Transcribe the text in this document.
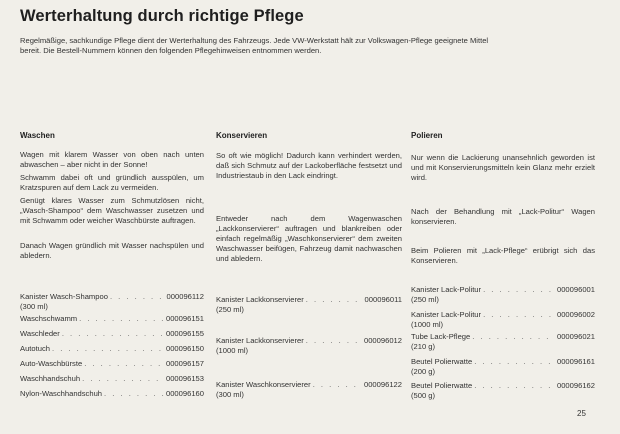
Werterhaltung durch richtige Pflege

Regelmäßige, sachkundige Pflege dient der Werterhaltung des Fahrzeugs. Jede VW-Werkstatt hält zur Volkswagen-Pflege geeignete Mittel

bereit. Die Bestell-Nummern können den folgenden Pflegehinweisen entnommen werden.

Waschen

Wagen mit klarem Wasser von oben nach unten abwaschen – aber nicht in der Sonne!

Schwamm dabei oft und gründlich ausspülen, um Kratzspuren auf dem Lack zu vermeiden.

Genügt klares Wasser zum Schmutzlösen nicht, „Wasch-Shampoo“ dem Waschwasser zusetzen und mit Schwamm oder weicher Waschbürste auftragen.

Danach Wagen gründlich mit Wasser nachspülen und abledern.

Kanister Wasch-Shampoo . . .	000096112
(300 ml)
Waschschwamm . . .	000096151
Waschleder . . .	000096155
Autotuch . . .	000096150
Auto-Waschbürste . . .	000096157
Waschhandschuh . . .	000096153
Nylon-Waschhandschuh . . .	000096160
Konservieren

So oft wie möglich! Dadurch kann verhindert werden, daß sich Schmutz auf der Lackoberfläche festsetzt und Industriestaub in den Lack eindringt.

Entweder nach dem Wagenwaschen „Lackkonservierer“ auftragen und blankreiben oder einfach regelmäßig „Waschkonservierer“ dem zweiten Waschwasser beifügen, Fahrzeug damit nachwaschen und abledern.

Kanister Lackkonservierer . . .	000096011
(250 ml)
Kanister Lackkonservierer . . .	000096012
(1000 ml)
Kanister Waschkonservierer . . .	000096122
(300 ml)
Polieren

Nur wenn die Lackierung unansehnlich geworden ist und mit Konservierungsmitteln kein Glanz mehr erzielt wird.

Nach der Behandlung mit „Lack-Politur“ Wagen konservieren.

Beim Polieren mit „Lack-Pflege“ erübrigt sich das Konservieren.

Kanister Lack-Politur . . .	000096001
(250 ml)
Kanister Lack-Politur . . .	000096002
(1000 ml)
Tube Lack-Pflege . . .	000096021
(210 g)
Beutel Polierwatte . . .	000096161
(200 g)
Beutel Polierwatte . . .	000096162
(500 g)
25
